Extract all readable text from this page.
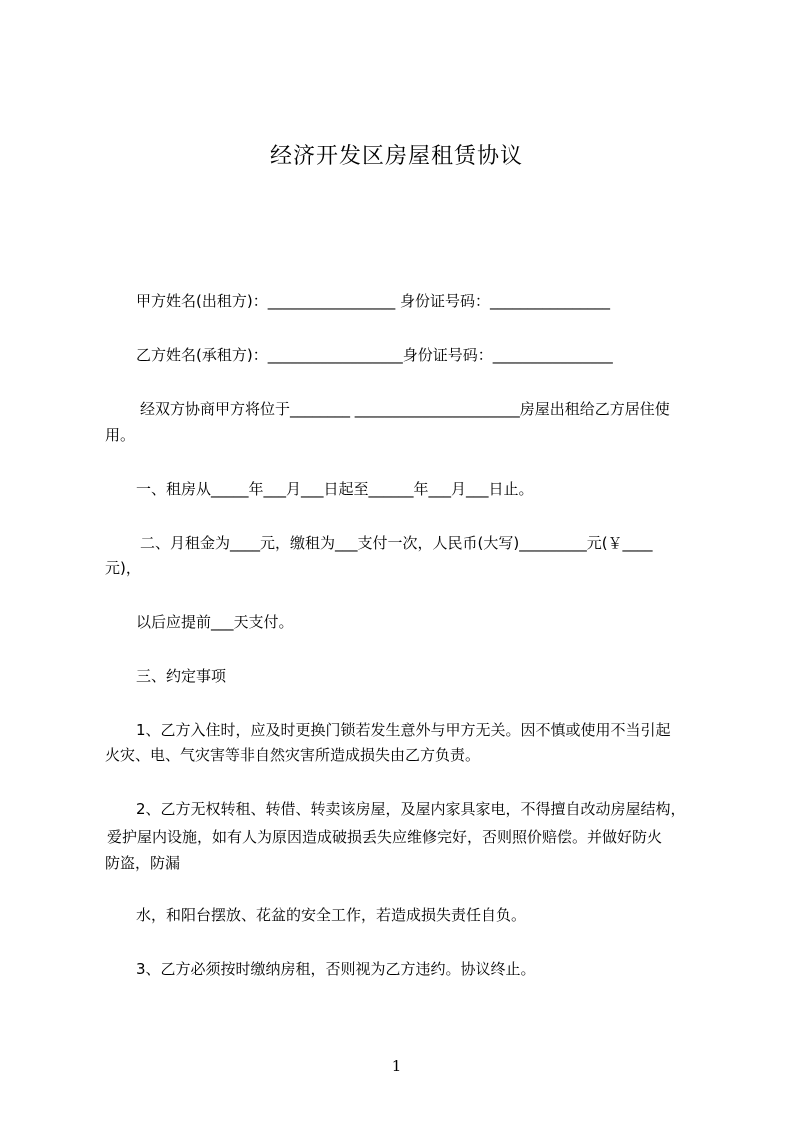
经济开发区房屋租赁协议
甲方姓名(出租方)：_________________ 身份证号码：________________
乙方姓名(承租方)：__________________身份证号码：________________
经双方协商甲方将位于________ ______________________房屋出租给乙方居住使
用。
一、租房从_____年___月___日起至______年___月___日止。
二、月租金为____元，缴租为___支付一次，人民币(大写)_________元(￥____
元)，
以后应提前___天支付。
三、约定事项
1、乙方入住时，应及时更换门锁若发生意外与甲方无关。因不慎或使用不当引起
火灾、电、气灾害等非自然灾害所造成损失由乙方负责。
2、乙方无权转租、转借、转卖该房屋，及屋内家具家电，不得擅自改动房屋结构，
爱护屋内设施，如有人为原因造成破损丢失应维修完好，否则照价赔偿。并做好防火
防盗，防漏
水，和阳台摆放、花盆的安全工作，若造成损失责任自负。
3、乙方必须按时缴纳房租，否则视为乙方违约。协议终止。
1
